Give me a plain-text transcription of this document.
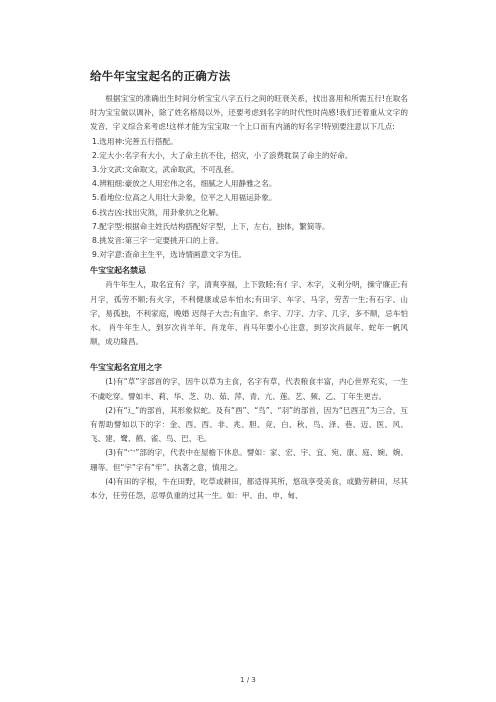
给牛年宝宝起名的正确方法

根据宝宝的准确出生时间分析宝宝八字五行之间的旺衰关系，找出喜用和所需五行!在取名时为宝宝做以调补，除了姓名格局以外，还要考虑到名字的时代性时尚感!我们还着重从文字的发音、字义综合来考虑!这样才能为宝宝取一个上口而有内涵的好名字!特别要注意以下几点:

1.选用神:完善五行搭配。
2.定大小:名字有大小，大了命主抗不住，招灾，小了浪费耽误了命主的好命。
3.分文武:文命取文，武命取武，不可乱套。
4.辨粗细:豪放之人用宏伟之名，细腻之人用静雅之名。
5.看地位:位高之人用壮大卦象，位平之人用福运卦象。
6.找吉凶:找出灾煞，用卦象抗之化解。
7.配字型:根据命主姓氏结构搭配好字型，上下，左右，独体，繁简等。
8.挑发音:第三字一定要挑开口的上音。
9.对字意:查命主生平，选诗情画意文字为佳。
牛宝宝起名禁忌

肖牛年生人，取名宜有氵字，清爽享福，上下敦睦;有亻字、木字，义利分明，操守廉正;有月字，孤劳不顺;有火字，不利健康或忌车怕水;有田字、车字、马字，劳苦一生;有石字、山字，易孤独，不利家庭，晚婚 迟得子大吉;有血字、糸字、刀字、力字、几字，多不顺，忌车怕水。 肖牛年生人，到岁次肖羊年、肖龙年、肖马年要小心注意，到岁次肖鼠年、蛇年一帆风顺，成功隆昌。

牛宝宝起名宜用之字

(1)有“草”字部首的字，因牛以草为主食，名字有草，代表粮食丰富，内心世界充实，一生不虞吃穿。譬如丰、莉、华、芝、功、茹、萍、青、亢、莲。艺、频、乙、丁年生更吉。

(2)有“辶”的部首，其形象似蛇。及有“酉”、“鸟”、“羽”的部首，因为“巳酉丑”为三合，互有帮助譬如以下的字：金、西、西、非、兆、胆、竞、白、秋、鸟、泽、巷、迈、医、风、飞、建、鹭、鹤、雀、鸟、巴、毛。

(3)有“宀”部的字，代表中在屋檐下休息。譬如：家、宏、宇、宜、宛、康、庭、婉、婉、珊等。但“宇”字有“牢”。执著之意，慎用之。

(4)有田的字根，牛在田野，吃草或耕田，都适得其所，悠哉享受美食，或勤劳耕田，尽其本分，任劳任怨，忍辱负重的过其一生。如：甲、由、申、甸、

1 / 3
